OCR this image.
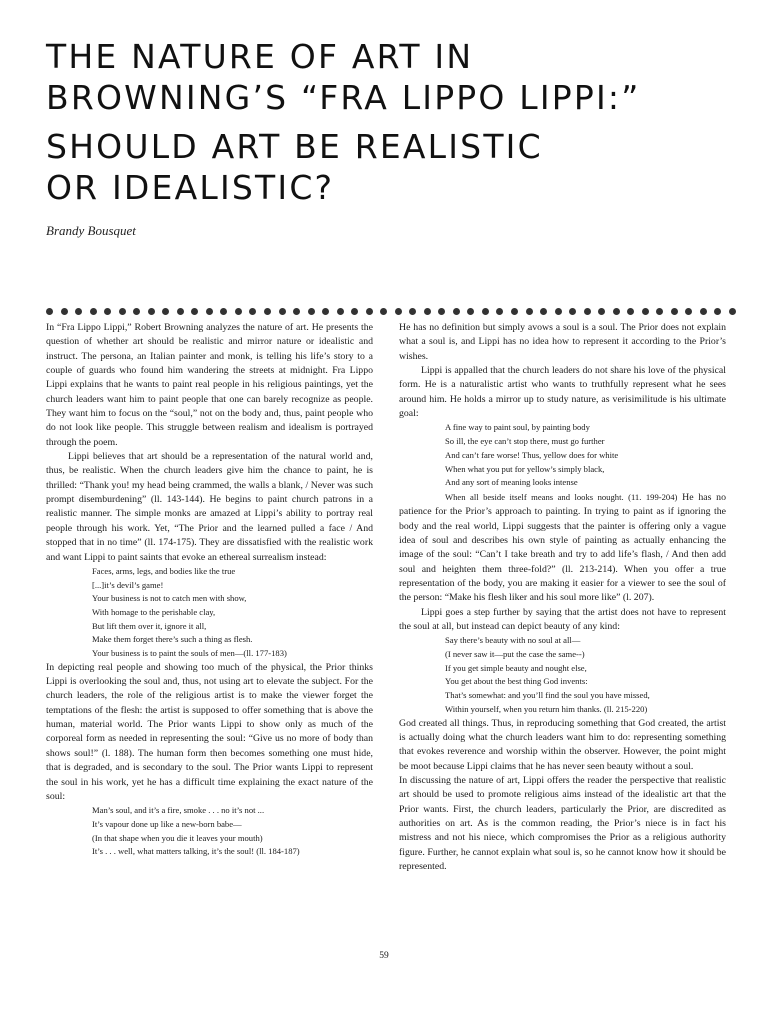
THE NATURE OF ART IN
BROWNING’S “FRA LIPPO LIPPI:”
SHOULD ART BE REALISTIC
OR IDEALISTIC?
Brandy Bousquet

In “Fra Lippo Lippi,” Robert Browning analyzes the nature of art. He presents the question of whether art should be realistic and mirror nature or idealistic and instruct. The persona, an Italian painter and monk, is telling his life’s story to a couple of guards who found him wandering the streets at midnight. Fra Lippo Lippi explains that he wants to paint real people in his religious paintings, yet the church leaders want him to paint people that one can barely recognize as people. They want him to focus on the “soul,” not on the body and, thus, paint people who do not look like people. This struggle between realism and idealism is portrayed through the poem.

Lippi believes that art should be a representation of the natural world and, thus, be realistic. When the church leaders give him the chance to paint, he is thrilled: “Thank you! my head being crammed, the walls a blank, / Never was such prompt disemburdening” (ll. 143-144). He begins to paint church patrons in a realistic manner. The simple monks are amazed at Lippi’s ability to portray real people through his work. Yet, “The Prior and the learned pulled a face / And stopped that in no time” (ll. 174-175). They are dissatisfied with the realistic work and want Lippi to paint saints that evoke an ethereal surrealism instead:

Faces, arms, legs, and bodies like the true
[...]it’s devil’s game!
Your business is not to catch men with show,
With homage to the perishable clay,
But lift them over it, ignore it all,
Make them forget there’s such a thing as flesh.
Your business is to paint the souls of men—(ll. 177-183)

In depicting real people and showing too much of the physical, the Prior thinks Lippi is overlooking the soul and, thus, not using art to elevate the subject. For the church leaders, the role of the religious artist is to make the viewer forget the temptations of the flesh: the artist is supposed to offer something that is above the human, material world. The Prior wants Lippi to show only as much of the corporeal form as needed in representing the soul: “Give us no more of body than shows soul!” (l. 188). The human form then becomes something one must hide, that is degraded, and is secondary to the soul. The Prior wants Lippi to represent the soul in his work, yet he has a difficult time explaining the exact nature of the soul:

Man’s soul, and it’s a fire, smoke . . . no it’s not ...
It’s vapour done up like a new-born babe—
(In that shape when you die it leaves your mouth)
It’s . . . well, what matters talking, it’s the soul! (ll. 184-187)

He has no definition but simply avows a soul is a soul. The Prior does not explain what a soul is, and Lippi has no idea how to represent it according to the Prior’s wishes.

Lippi is appalled that the church leaders do not share his love of the physical form. He is a naturalistic artist who wants to truthfully represent what he sees around him. He holds a mirror up to study nature, as verisimilitude is his ultimate goal:

A fine way to paint soul, by painting body
So ill, the eye can’t stop there, must go further
And can’t fare worse! Thus, yellow does for white
When what you put for yellow’s simply black,
And any sort of meaning looks intense

When all beside itself means and looks nought. (11. 199-204) He has no patience for the Prior’s approach to painting. In trying to paint as if ignoring the body and the real world, Lippi suggests that the painter is offering only a vague idea of soul and describes his own style of painting as actually enhancing the image of the soul: “Can’t I take breath and try to add life’s flash, / And then add soul and heighten them three-fold?” (ll. 213-214). When you offer a true representation of the body, you are making it easier for a viewer to see the soul of the person: “Make his flesh liker and his soul more like” (l. 207).

Lippi goes a step further by saying that the artist does not have to represent the soul at all, but instead can depict beauty of any kind:

Say there’s beauty with no soul at all—
(I never saw it—put the case the same--)
If you get simple beauty and nought else,
You get about the best thing God invents:
That’s somewhat: and you’ll find the soul you have missed,
Within yourself, when you return him thanks. (ll. 215-220)

God created all things. Thus, in reproducing something that God created, the artist is actually doing what the church leaders want him to do: representing something that evokes reverence and worship within the observer. However, the point might be moot because Lippi claims that he has never seen beauty without a soul.

In discussing the nature of art, Lippi offers the reader the perspective that realistic art should be used to promote religious aims instead of the idealistic art that the Prior wants. First, the church leaders, particularly the Prior, are discredited as authorities on art. As is the common reading, the Prior’s niece is in fact his mistress and not his niece, which compromises the Prior as a religious authority figure. Further, he cannot explain what soul is, so he cannot know how it should be represented.

59
